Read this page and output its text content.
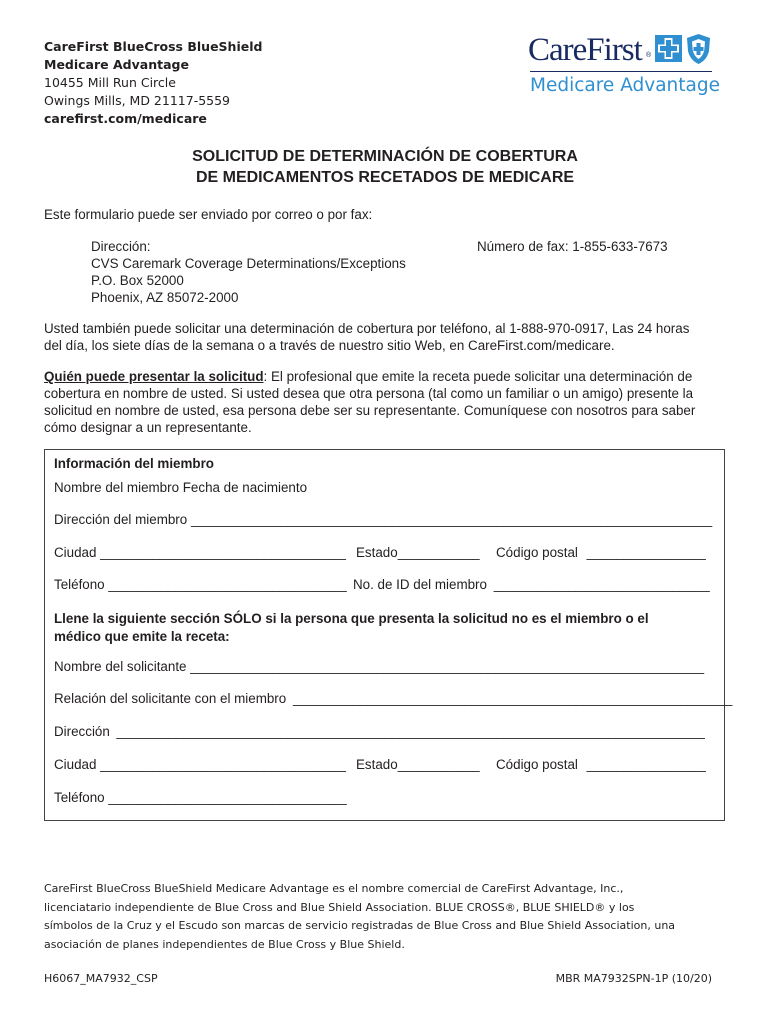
CareFirst BlueCross BlueShield
Medicare Advantage
10455 Mill Run Circle
Owings Mills, MD 21117-5559
carefirst.com/medicare
CareFirst ®
Medicare Advantage
SOLICITUD DE DETERMINACIÓN DE COBERTURA
DE MEDICAMENTOS RECETADOS DE MEDICARE
Este formulario puede ser enviado por correo o por fax:
Dirección:
CVS Caremark Coverage Determinations/Exceptions
P.O. Box 52000
Phoenix, AZ 85072-2000
Número de fax: 1-855-633-7673
Usted también puede solicitar una determinación de cobertura por teléfono, al 1-888-970-0917, Las 24 horas
del día, los siete días de la semana o a través de nuestro sitio Web, en CareFirst.com/medicare.
Quién puede presentar la solicitud: El profesional que emite la receta puede solicitar una determinación de
cobertura en nombre de usted. Si usted desea que otra persona (tal como un familiar o un amigo) presente la
solicitud en nombre de usted, esa persona debe ser su representante. Comuníquese con nosotros para saber
cómo designar a un representante.
Información del miembro
Nombre del miembro Fecha de nacimiento
Dirección del miembro ______________________________________________________________________
Ciudad _________________________________ Estado___________ Código postal ________________
Teléfono ________________________________ No. de ID del miembro _____________________________
Llene la siguiente sección SÓLO si la persona que presenta la solicitud no es el miembro o el
médico que emite la receta:
Nombre del solicitante _____________________________________________________________________
Relación del solicitante con el miembro ___________________________________________________________
Dirección _______________________________________________________________________________
Ciudad _________________________________ Estado___________ Código postal ________________
Teléfono ________________________________
CareFirst BlueCross BlueShield Medicare Advantage es el nombre comercial de CareFirst Advantage, Inc.,
licenciatario independiente de Blue Cross and Blue Shield Association. BLUE CROSS®, BLUE SHIELD® y los
símbolos de la Cruz y el Escudo son marcas de servicio registradas de Blue Cross and Blue Shield Association, una
asociación de planes independientes de Blue Cross y Blue Shield.
H6067_MA7932_CSP	MBR MA7932SPN-1P (10/20)
